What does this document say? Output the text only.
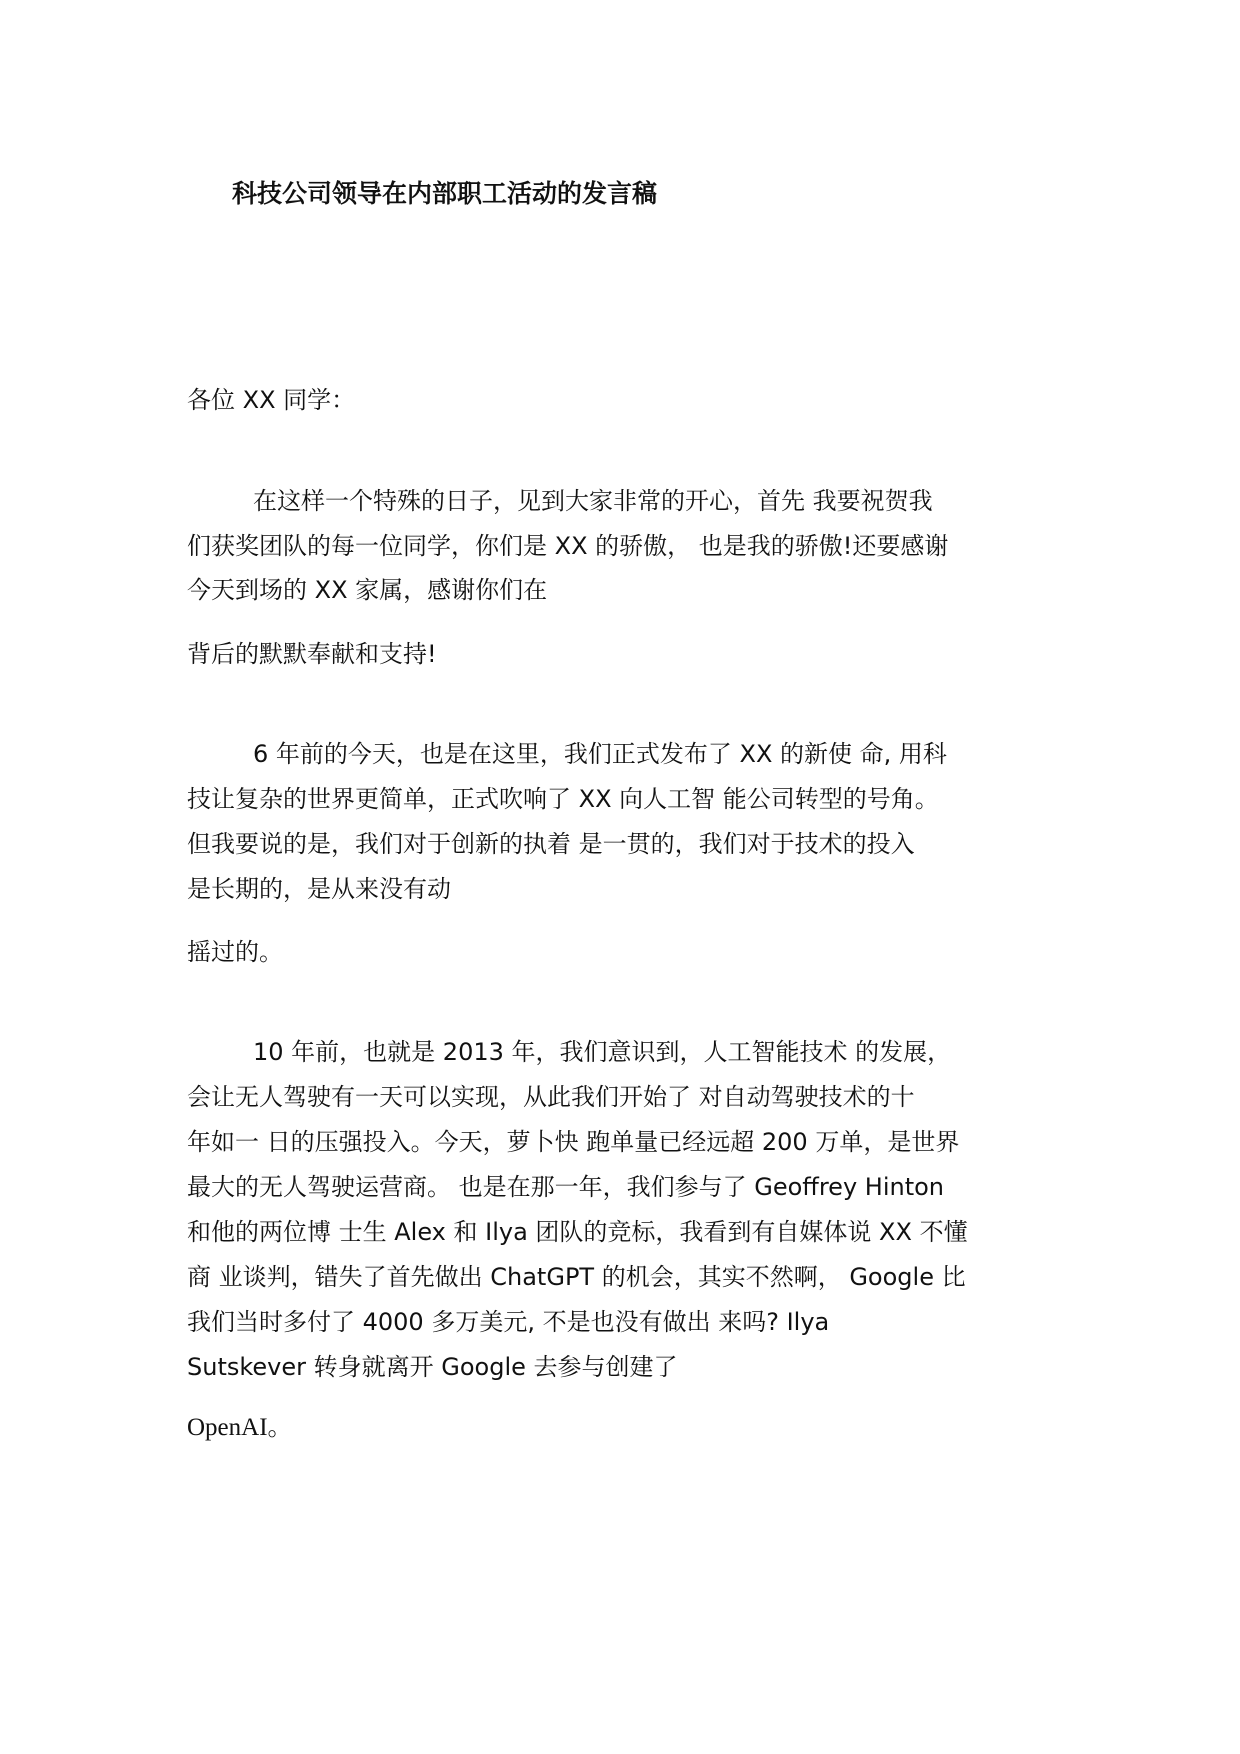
科技公司领导在内部职工活动的发言稿
各位 XX 同学：
在这样一个特殊的日子，见到大家非常的开心，首先 我要祝贺我
们获奖团队的每一位同学，你们是 XX 的骄傲， 也是我的骄傲!还要感谢
今天到场的 XX 家属，感谢你们在
背后的默默奉献和支持!
6 年前的今天，也是在这里，我们正式发布了 XX 的新使 命, 用科
技让复杂的世界更简单，正式吹响了 XX 向人工智 能公司转型的号角。
但我要说的是，我们对于创新的执着 是一贯的，我们对于技术的投入
是长期的，是从来没有动
摇过的。
10 年前，也就是 2013 年，我们意识到，人工智能技术 的发展，
会让无人驾驶有一天可以实现，从此我们开始了 对自动驾驶技术的十
年如一 日的压强投入。今天，萝卜快 跑单量已经远超 200 万单，是世界
最大的无人驾驶运营商。 也是在那一年，我们参与了 Geoffrey Hinton
和他的两位博 士生 Alex 和 Ilya 团队的竞标，我看到有自媒体说 XX 不懂
商 业谈判，错失了首先做出 ChatGPT 的机会，其实不然啊， Google 比
我们当时多付了 4000 多万美元, 不是也没有做出 来吗? Ilya
Sutskever 转身就离开 Google 去参与创建了
OpenAI。
